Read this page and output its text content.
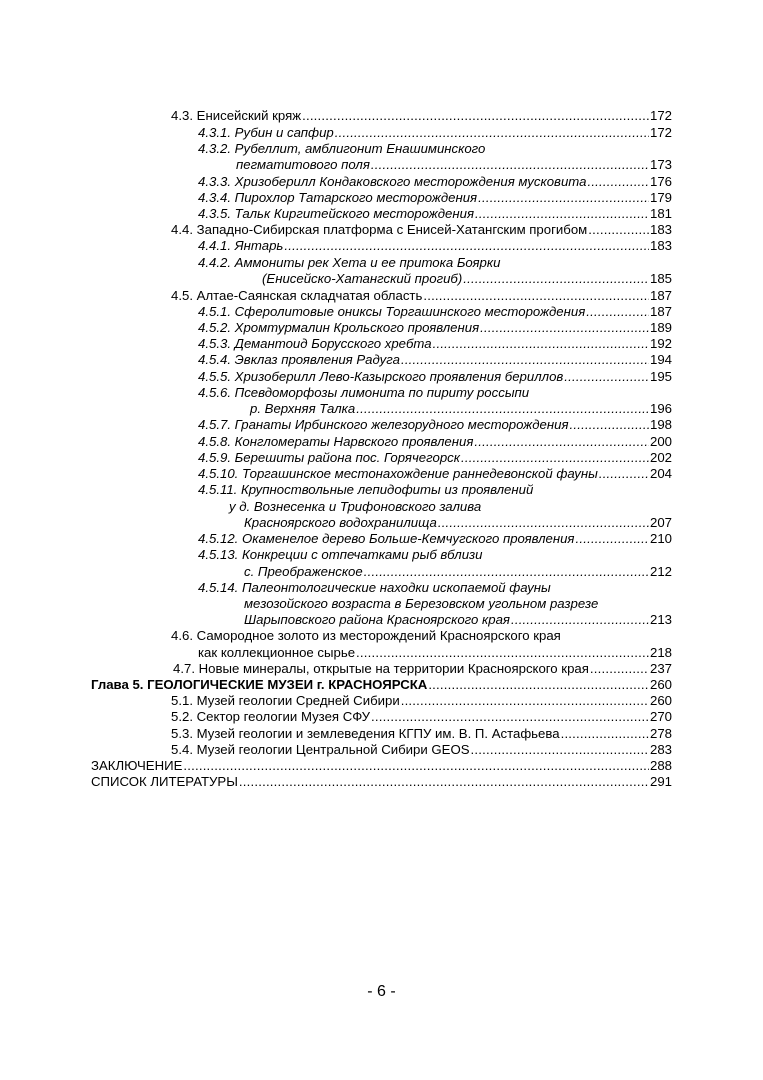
4.3. Енисейский кряж .....	172
4.3.1. Рубин и сапфир .....	172
4.3.2. Рубеллит, амблигонит Енашиминского
пегматитового поля .....	173
4.3.3. Хризоберилл Кондаковского месторождения мусковита .....	176
4.3.4. Пирохлор Татарского месторождения .....	179
4.3.5. Тальк Киргитейского месторождения .....	181
4.4. Западно-Сибирская платформа с Енисей-Хатангским прогибом .....	183
4.4.1. Янтарь .....	183
4.4.2. Аммониты рек Хета и ее притока Боярки
(Енисейско-Хатангский прогиб) .....	185
4.5. Алтае-Саянская складчатая область .....	187
4.5.1. Сферолитовые ониксы Торгашинского месторождения .....	187
4.5.2. Хромтурмалин Крольского проявления .....	189
4.5.3. Демантоид Борусского хребта .....	192
4.5.4. Эвклаз проявления Радуга .....	194
4.5.5. Хризоберилл Лево-Казырского проявления бериллов .....	195
4.5.6. Псевдоморфозы лимонита по пириту россыпи
р. Верхняя Талка .....	196
4.5.7. Гранаты Ирбинского железорудного месторождения .....	198
4.5.8. Конгломераты Нарвского проявления .....	200
4.5.9. Берешиты района пос. Горячегорск .....	202
4.5.10. Торгашинское местонахождение раннедевонской фауны .....	204
4.5.11. Крупноствольные лепидофиты из проявлений
у д. Вознесенка и Трифоновского залива
Красноярского водохранилища .....	207
4.5.12. Окаменелое дерево Больше-Кемчугского проявления .....	210
4.5.13. Конкреции с отпечатками рыб вблизи
с. Преображенское .....	212
4.5.14. Палеонтологические находки ископаемой фауны
мезозойского возраста в Березовском угольном разрезе
Шарыповского района Красноярского края .....	213
4.6. Самородное золото из месторождений Красноярского края
как коллекционное сырье .....	218
4.7. Новые минералы, открытые на территории Красноярского края .....	237
Глава 5. ГЕОЛОГИЧЕСКИЕ МУЗЕИ г. КРАСНОЯРСКА .....	260
5.1. Музей геологии Средней Сибири .....	260
5.2. Сектор геологии Музея СФУ .....	270
5.3. Музей геологии и землеведения КГПУ им. В. П. Астафьева .....	278
5.4. Музей геологии Центральной Сибири GEOS .....	283
ЗАКЛЮЧЕНИЕ .....	288
СПИСОК ЛИТЕРАТУРЫ .....	291
- 6 -
